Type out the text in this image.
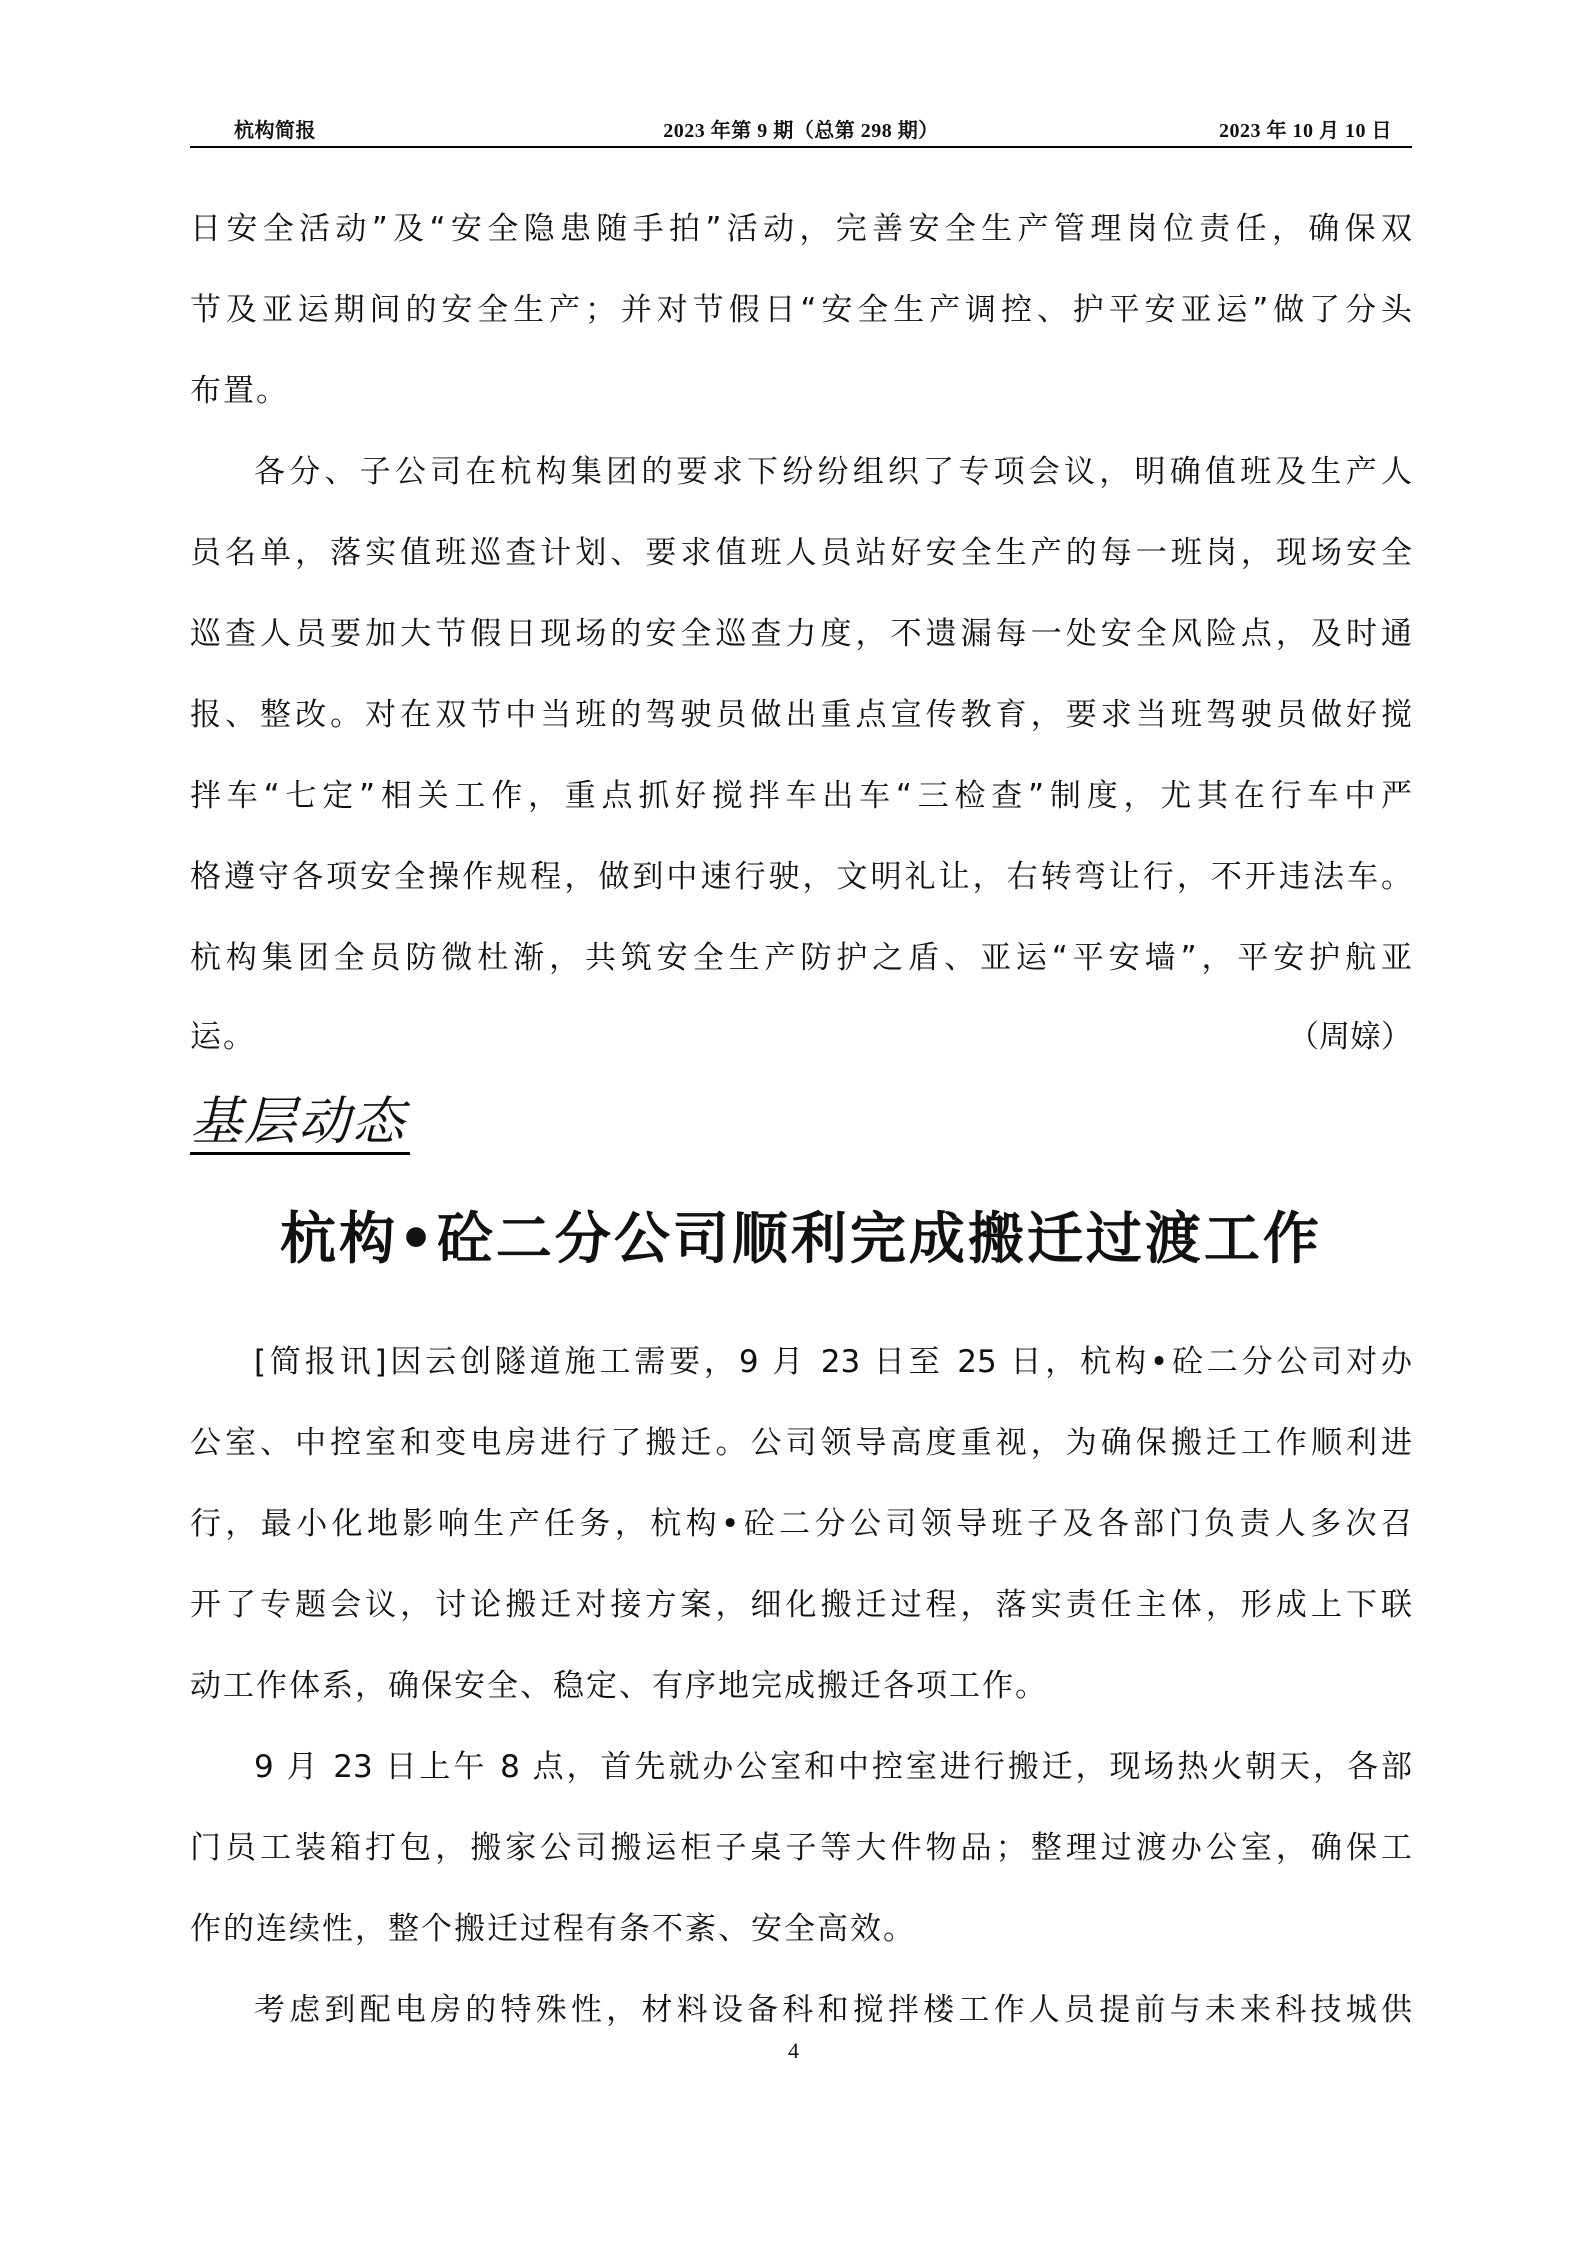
杭构简报	2023 年第 9 期（总第 298 期）	2023 年 10 月 10 日
日安全活动”及“安全隐患随手拍”活动，完善安全生产管理岗位责任，确保双
节及亚运期间的安全生产；并对节假日“安全生产调控、护平安亚运”做了分头
布置。
各分、子公司在杭构集团的要求下纷纷组织了专项会议，明确值班及生产人
员名单，落实值班巡查计划、要求值班人员站好安全生产的每一班岗，现场安全
巡查人员要加大节假日现场的安全巡查力度，不遗漏每一处安全风险点，及时通
报、整改。对在双节中当班的驾驶员做出重点宣传教育，要求当班驾驶员做好搅
拌车“七定”相关工作，重点抓好搅拌车出车“三检查”制度，尤其在行车中严
格遵守各项安全操作规程，做到中速行驶，文明礼让，右转弯让行，不开违法车。
杭构集团全员防微杜渐，共筑安全生产防护之盾、亚运“平安墙”，平安护航亚
运。	（周媇）
基层动态
杭构•砼二分公司顺利完成搬迁过渡工作
[简报讯]因云创隧道施工需要，9 月 23 日至 25 日，杭构•砼二分公司对办
公室、中控室和变电房进行了搬迁。公司领导高度重视，为确保搬迁工作顺利进
行，最小化地影响生产任务，杭构•砼二分公司领导班子及各部门负责人多次召
开了专题会议，讨论搬迁对接方案，细化搬迁过程，落实责任主体，形成上下联
动工作体系，确保安全、稳定、有序地完成搬迁各项工作。
9 月 23 日上午 8 点，首先就办公室和中控室进行搬迁，现场热火朝天，各部
门员工装箱打包，搬家公司搬运柜子桌子等大件物品；整理过渡办公室，确保工
作的连续性，整个搬迁过程有条不紊、安全高效。
考虑到配电房的特殊性，材料设备科和搅拌楼工作人员提前与未来科技城供
4
